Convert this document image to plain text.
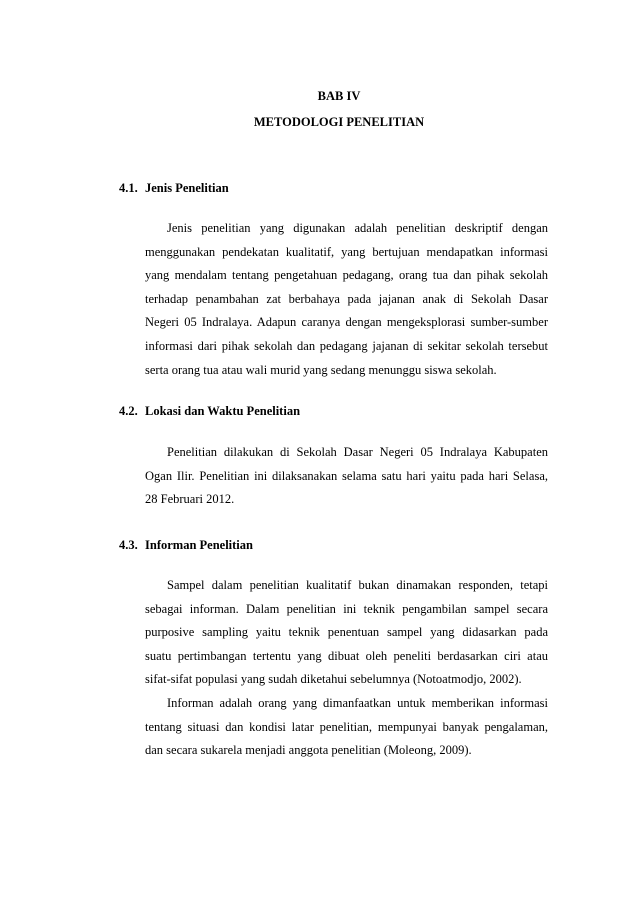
BAB IV
METODOLOGI PENELITIAN
4.1. Jenis Penelitian
Jenis penelitian yang digunakan adalah penelitian deskriptif dengan
menggunakan pendekatan kualitatif, yang bertujuan mendapatkan informasi
yang mendalam tentang pengetahuan pedagang, orang tua dan pihak sekolah
terhadap penambahan zat berbahaya pada jajanan anak di Sekolah Dasar
Negeri 05 Indralaya. Adapun caranya dengan mengeksplorasi sumber-sumber
informasi dari pihak sekolah dan pedagang jajanan di sekitar sekolah tersebut
serta orang tua atau wali murid yang sedang menunggu siswa sekolah.
4.2. Lokasi dan Waktu Penelitian
Penelitian dilakukan di Sekolah Dasar Negeri 05 Indralaya Kabupaten
Ogan Ilir. Penelitian ini dilaksanakan selama satu hari yaitu pada hari Selasa,
28 Februari 2012.
4.3. Informan Penelitian
Sampel dalam penelitian kualitatif bukan dinamakan responden, tetapi
sebagai informan. Dalam penelitian ini teknik pengambilan sampel secara
purposive sampling yaitu teknik penentuan sampel yang didasarkan pada
suatu pertimbangan tertentu yang dibuat oleh peneliti berdasarkan ciri atau
sifat-sifat populasi yang sudah diketahui sebelumnya (Notoatmodjo, 2002).
Informan adalah orang yang dimanfaatkan untuk memberikan informasi
tentang situasi dan kondisi latar penelitian, mempunyai banyak pengalaman,
dan secara sukarela menjadi anggota penelitian (Moleong, 2009).
